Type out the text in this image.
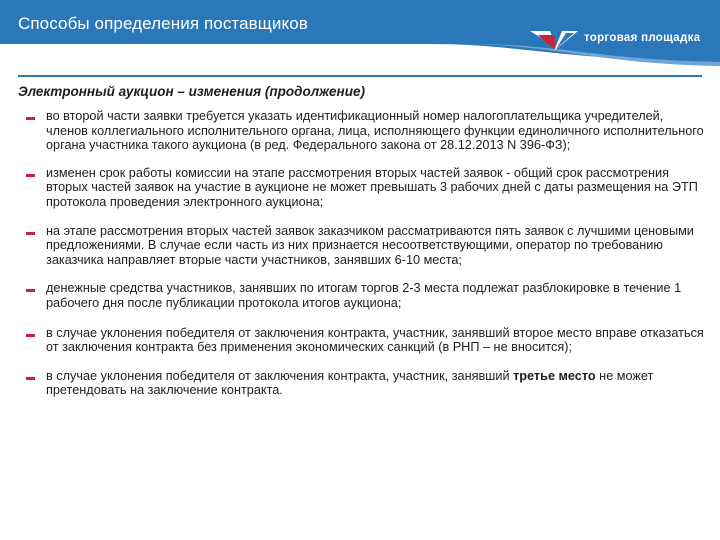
Способы определения поставщиков
торговая площадка
Электронный аукцион – изменения (продолжение)
во второй части заявки требуется указать идентификационный номер налогоплательщика учредителей, членов коллегиального исполнительного органа, лица, исполняющего функции единоличного исполнительного органа участника такого аукциона (в ред. Федерального закона от 28.12.2013 N 396-ФЗ);
изменен срок работы комиссии на этапе рассмотрения вторых частей заявок - общий срок рассмотрения вторых частей заявок на участие в аукционе не может превышать 3 рабочих дней с даты размещения на ЭТП протокола проведения электронного аукциона;
на этапе рассмотрения вторых частей заявок заказчиком рассматриваются пять заявок с лучшими ценовыми предложениями. В случае если часть из них признается несоответствующими, оператор по требованию заказчика направляет вторые части участников, занявших 6-10 места;
денежные средства участников, занявших по итогам торгов 2-3 места подлежат разблокировке в течение 1 рабочего дня после публикации протокола итогов аукциона;
в случае уклонения победителя от заключения контракта, участник, занявший второе место вправе отказаться от заключения контракта без применения экономических санкций (в РНП – не вносится);
в случае уклонения победителя от заключения контракта, участник, занявший третье место не может претендовать на заключение контракта.
